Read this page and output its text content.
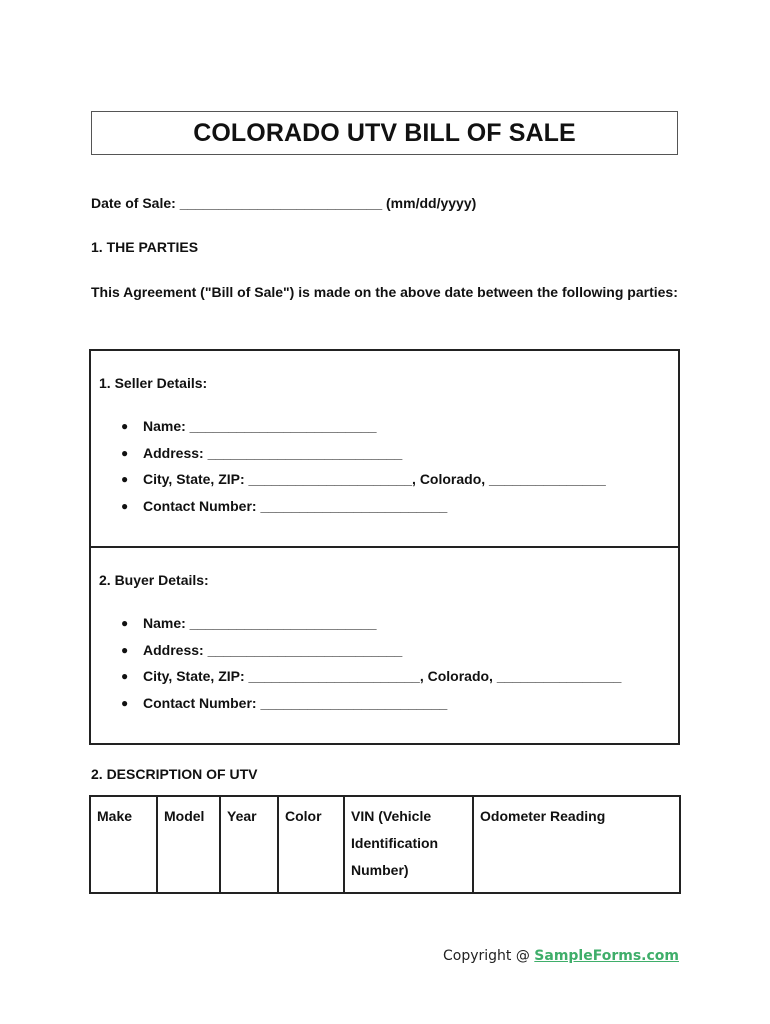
COLORADO UTV BILL OF SALE
Date of Sale: __________________________ (mm/dd/yyyy)
1. THE PARTIES
This Agreement ("Bill of Sale") is made on the above date between the following parties:
1. Seller Details:
● Name: ________________________
● Address: _________________________
● City, State, ZIP: _____________________, Colorado, _______________
● Contact Number: ________________________
2. Buyer Details:
● Name: ________________________
● Address: _________________________
● City, State, ZIP: ______________________, Colorado, ________________
● Contact Number: ________________________
2. DESCRIPTION OF UTV
Make	Model	Year	Color	VIN (Vehicle Identification Number)	Odometer Reading
Copyright @ SampleForms.com
